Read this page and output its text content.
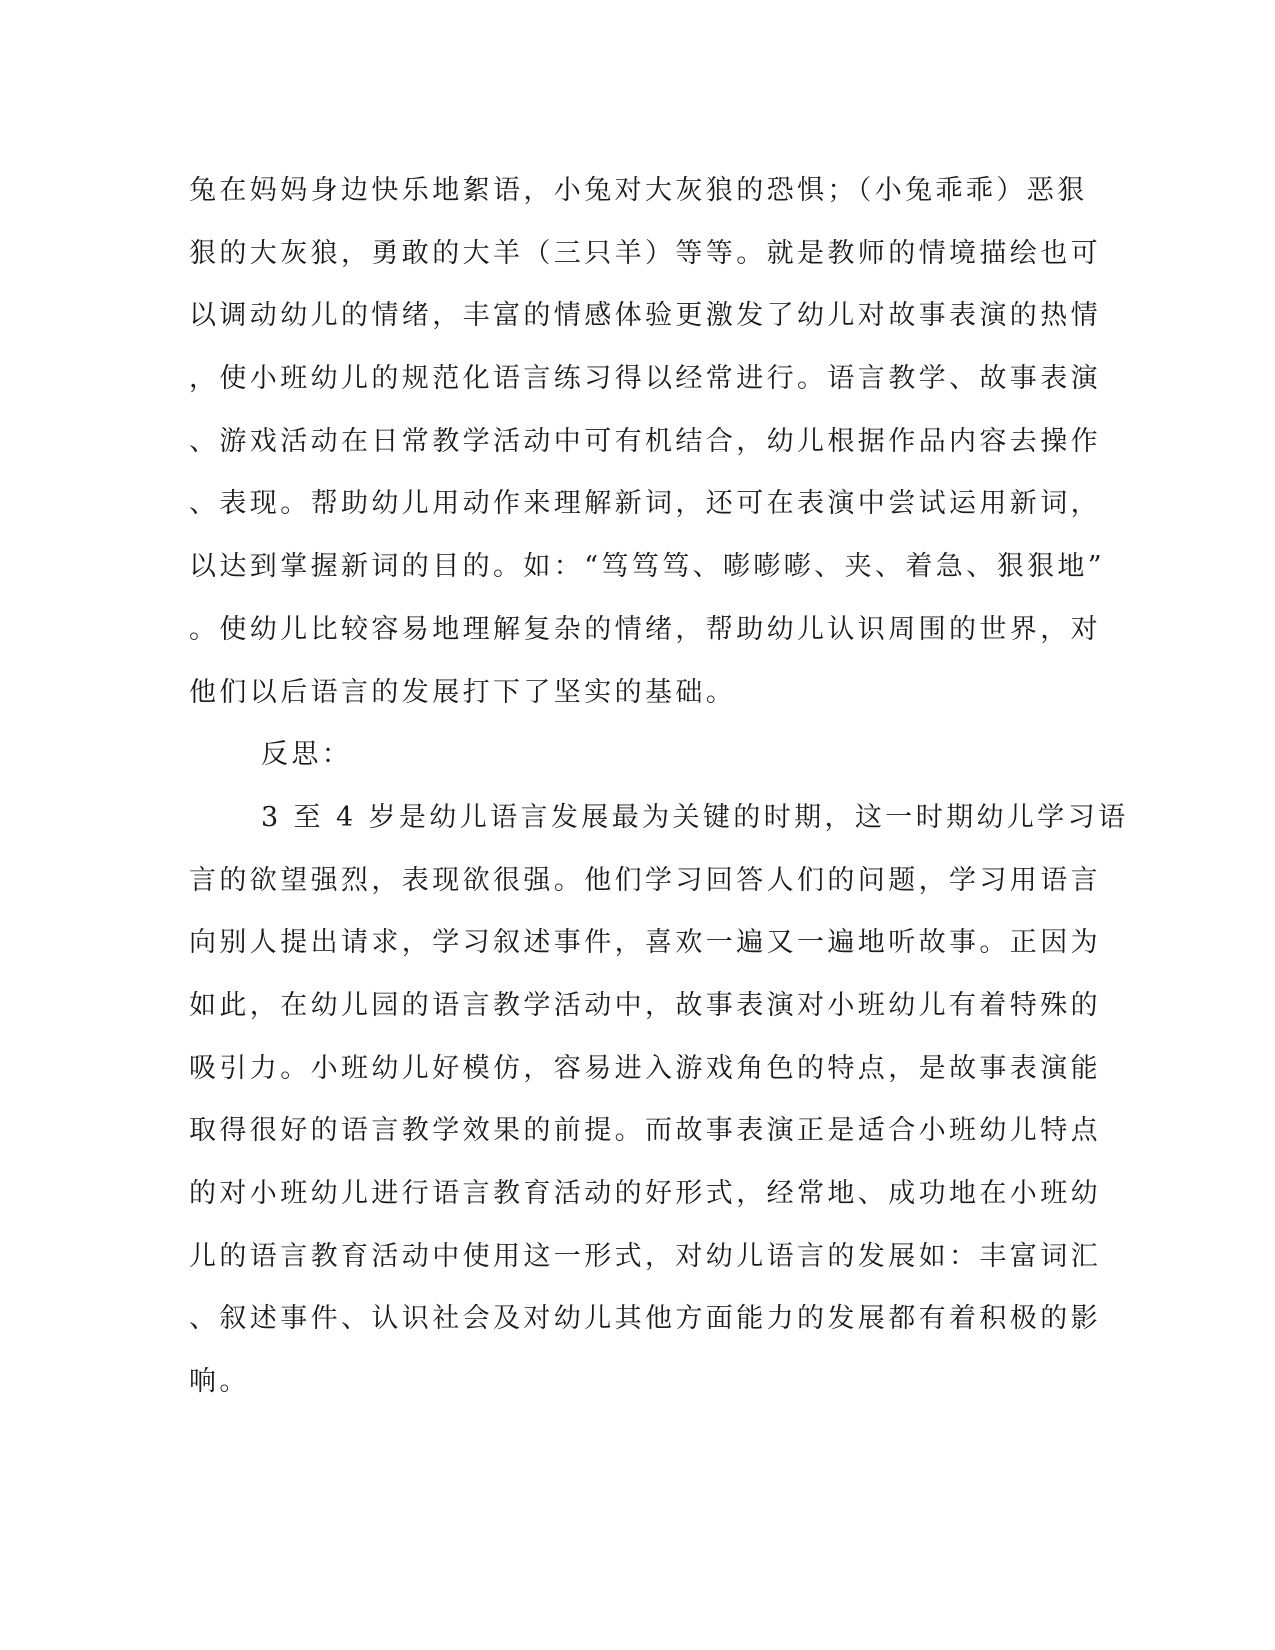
兔在妈妈身边快乐地絮语，小兔对大灰狼的恐惧；（小兔乖乖）恶狠
狠的大灰狼，勇敢的大羊（三只羊）等等。就是教师的情境描绘也可
以调动幼儿的情绪，丰富的情感体验更激发了幼儿对故事表演的热情
，使小班幼儿的规范化语言练习得以经常进行。语言教学、故事表演
、游戏活动在日常教学活动中可有机结合，幼儿根据作品内容去操作
、表现。帮助幼儿用动作来理解新词，还可在表演中尝试运用新词，
以达到掌握新词的目的。如：“笃笃笃、嘭嘭嘭、夹、着急、狠狠地”
。使幼儿比较容易地理解复杂的情绪，帮助幼儿认识周围的世界，对
他们以后语言的发展打下了坚实的基础。
反思：
3 至 4 岁是幼儿语言发展最为关键的时期，这一时期幼儿学习语
言的欲望强烈，表现欲很强。他们学习回答人们的问题，学习用语言
向别人提出请求，学习叙述事件，喜欢一遍又一遍地听故事。正因为
如此，在幼儿园的语言教学活动中，故事表演对小班幼儿有着特殊的
吸引力。小班幼儿好模仿，容易进入游戏角色的特点，是故事表演能
取得很好的语言教学效果的前提。而故事表演正是适合小班幼儿特点
的对小班幼儿进行语言教育活动的好形式，经常地、成功地在小班幼
儿的语言教育活动中使用这一形式，对幼儿语言的发展如：丰富词汇
、叙述事件、认识社会及对幼儿其他方面能力的发展都有着积极的影
响。
